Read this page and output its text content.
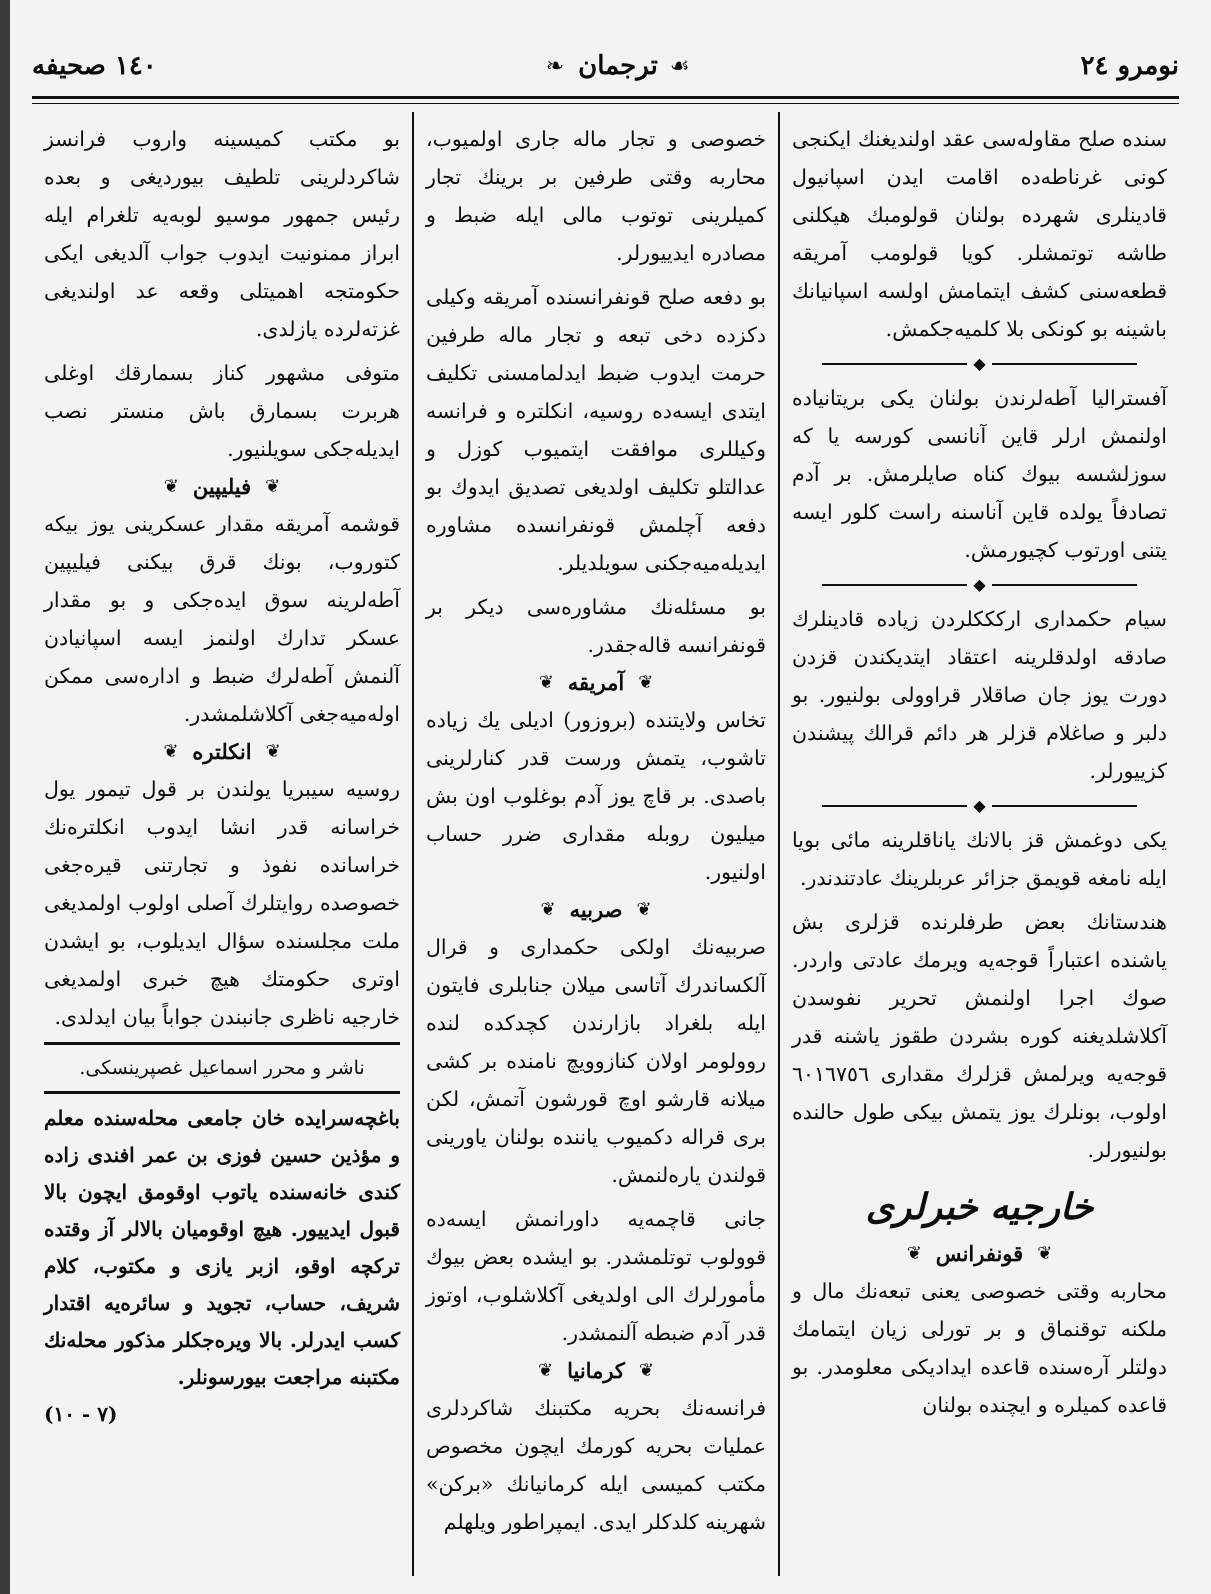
١٤٠ صحيفه	❧ ترجمان ☙	نومرو ٢٤

سنده صلح مقاوله‌سی عقد اولندیغنك ایكنجی كونی غرناطه‌ده اقامت ایدن اسپانیول قادینلری شهرده بولنان قولومبك هیكلنی طاشه توتمشلر. كویا قولومب آمریقه قطعه‌سنی كشف ایتمامش اولسه اسپانیانك باشینه بو كونكی بلا كلمیه‌جكمش.

◆

آفستراليا آطه‌لرندن بولنان یكی بریتانیاده اولنمش ارلر قاین آنانسی كورسه یا كه سوزلشسه بیوك كناه صایلرمش. بر آدم تصادفاً یولده قاین آناسنه راست كلور ایسه یتنی اورتوب كچیورمش.

◆

سیام حكمداری اركككلردن زیاده قادینلرك صادقه اولدقلرینه اعتقاد ایتدیكندن قزدن دورت یوز جان صاقلار قراوولی بولنیور. بو دلبر و صاغلام قزلر هر دائم قرالك پیشندن كزییورلر.

◆

یكی دوغمش قز بالانك یاناقلرینه مائی بویا ایله نامغه قویمق جزائر عربلرینك عادتندندر.

هندستانك بعض طرفلرنده قزلری بش یاشنده اعتباراً قوجه‌یه ویرمك عادتی واردر. صوك اجرا اولنمش تحریر نفوسدن آكلاشلدیغنه كوره بشردن طقوز یاشنه قدر قوجه‌یه ویرلمش قزلرك مقداری ٦٠١٦٧٥٦ اولوب، بونلرك یوز یتمش بیكی طول حالنده بولنیورلر.

خارجیه خبرلری
❦
قونفرانس
❦

محاربه وقتی خصوصی یعنی تبعه‌نك مال و ملكنه توقنماق و بر تورلی زیان ایتمامك دولتلر آره‌سنده قاعده ایدادیكی معلومدر. بو قاعده كمیلره و ایچنده بولنان

خصوصی و تجار ماله جاری اولمیوب، محاربه وقتی طرفین بر برینك تجار كمیلرینی توتوب مالی ایله ضبط و مصادره ایدییورلر.

بو دفعه صلح قونفرانسنده آمریقه وكیلی دكزده دخی تبعه و تجار ماله طرفین حرمت ایدوب ضبط ایدلمامسنی تكلیف ایتدی ایسه‌ده روسیه، انكلتره و فرانسه وكیللری موافقت ایتمیوب كوزل و عدالتلو تكلیف اولدیغی تصدیق ایدوك بو دفعه آچلمش قونفرانسده مشاوره ایدیله‌میه‌جكنی سویلدیلر.

بو مسئله‌نك مشاوره‌سی دیكر بر قونفرانسه قاله‌جقدر.

❦
آمریقه
❦

تخاس ولایتنده (بروزور) ادیلی یك زیاده تاشوب، یتمش ورست قدر كنارلرینی باصدی. بر قاچ یوز آدم بوغلوب اون بش میلیون روبله مقداری ضرر حساب اولنیور.

❦
صربیه
❦

صربیه‌نك اولكی حكمداری و قرال آلكساندرك آتاسی میلان جنابلری فایتون ایله بلغراد بازارندن كچدكده لنده روولومر اولان كنازوویچ نامنده بر كشی میلانه قارشو اوچ قورشون آتمش، لكن بری قراله دكمیوب یاننده بولنان یاورینی قولندن یاره‌لنمش.

جانی قاچمه‌یه داورانمش ایسه‌ده قوولوب توتلمشدر. بو ایشده بعض بیوك مأمورلرك الی اولدیغی آكلاشلوب، اوتوز قدر آدم ضبطه آلنمشدر.

❦
كرمانیا
❦

فرانسه‌نك بحریه مكتبنك شاكردلری عملیات بحریه كورمك ایچون مخصوص مكتب كمیسی ایله كرمانیانك «بركن» شهرینه كلدكلر ایدی. ایمپراطور ویلهلم

بو مكتب كمیسینه واروب فرانسز شاكردلرینی تلطیف بیوردیغی و بعده رئیس جمهور موسیو لوبه‌یه تلغرام ایله ابراز ممنونیت ایدوب جواب آلدیغی ایكی حكومتجه اهمیتلی وقعه عد اولندیغی غزته‌لرده یازلدی.

متوفی مشهور كناز بسمارقك اوغلی هربرت بسمارق باش منستر نصب ایدیله‌جكی سویلنیور.

❦
فیلیپین
❦

قوشمه آمریقه مقدار عسكرینی یوز بیكه كتوروب، بونك قرق بیكنی فیلیپین آطه‌لرینه سوق ایده‌جكی و بو مقدار عسكر تدارك اولنمز ایسه اسپانیادن آلنمش آطه‌لرك ضبط و اداره‌سی ممكن اوله‌میه‌جغی آكلاشلمشدر.

❦
انكلتره
❦

روسیه سیبریا یولندن بر قول تیمور یول خراسانه قدر انشا ایدوب انكلتره‌نك خراسانده نفوذ و تجارتنی قیره‌جغی خصوصده روایتلرك آصلی اولوب اولمدیغی ملت مجلسنده سؤال ایدیلوب، بو ایشدن اوتری حكومتك هیچ خبری اولمدیغی خارجیه ناظری جانبندن جواباً بیان ایدلدی.

ناشر و محرر اسماعیل غصپرینسكی.

باغچه‌سرایده خان جامعی محله‌سنده معلم و مؤذین حسین فوزی بن عمر افندی زاده كندی خانه‌سنده یاتوب اوقومق ایچون بالا قبول ایدییور. هیچ اوقومیان بالالر آز وقتده تركچه اوقو، ازبر یازی و مكتوب، كلام شریف، حساب، تجوید و سائره‌یه اقتدار كسب ایدرلر. بالا ویره‌جكلر مذكور محله‌نك مكتبنه مراجعت بیورسونلر.

(٧ - ١٠)
